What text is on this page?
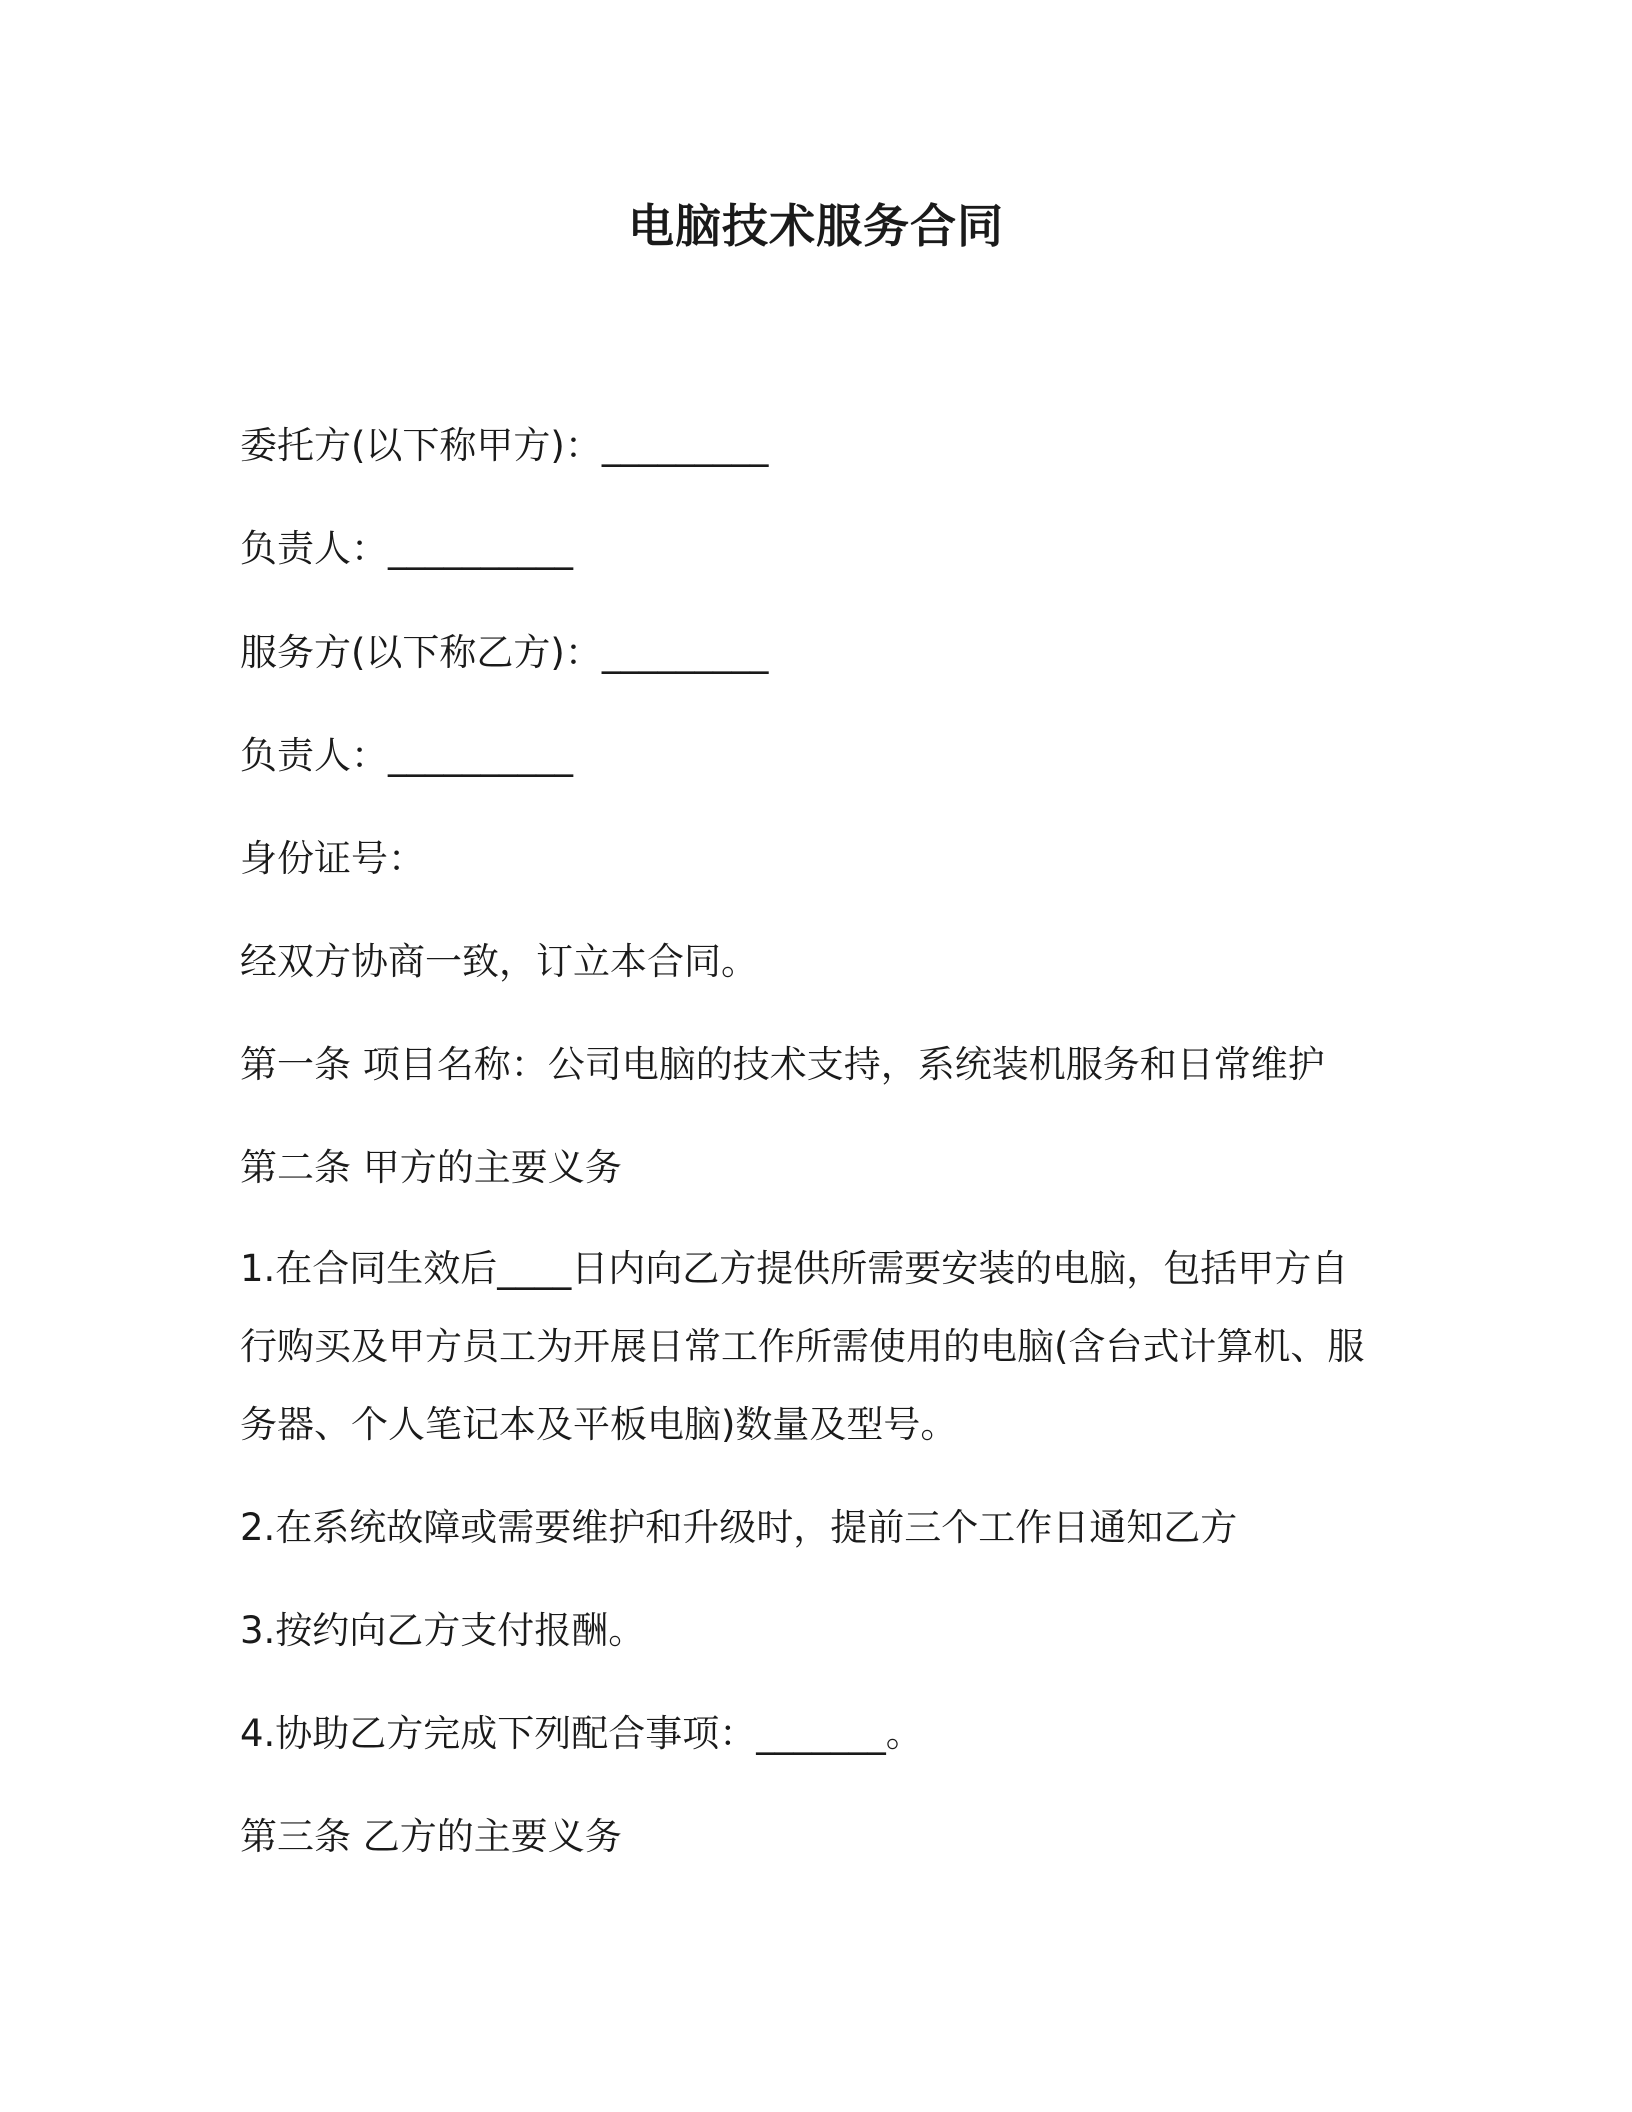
电脑技术服务合同
委托方(以下称甲方)：_________
负责人：__________
服务方(以下称乙方)：_________
负责人：__________
身份证号：
经双方协商一致，订立本合同。
第一条 项目名称：公司电脑的技术支持，系统装机服务和日常维护
第二条 甲方的主要义务
1.在合同生效后____日内向乙方提供所需要安装的电脑，包括甲方自
行购买及甲方员工为开展日常工作所需使用的电脑(含台式计算机、服
务器、个人笔记本及平板电脑)数量及型号。
2.在系统故障或需要维护和升级时，提前三个工作日通知乙方
3.按约向乙方支付报酬。
4.协助乙方完成下列配合事项：_______。
第三条 乙方的主要义务
